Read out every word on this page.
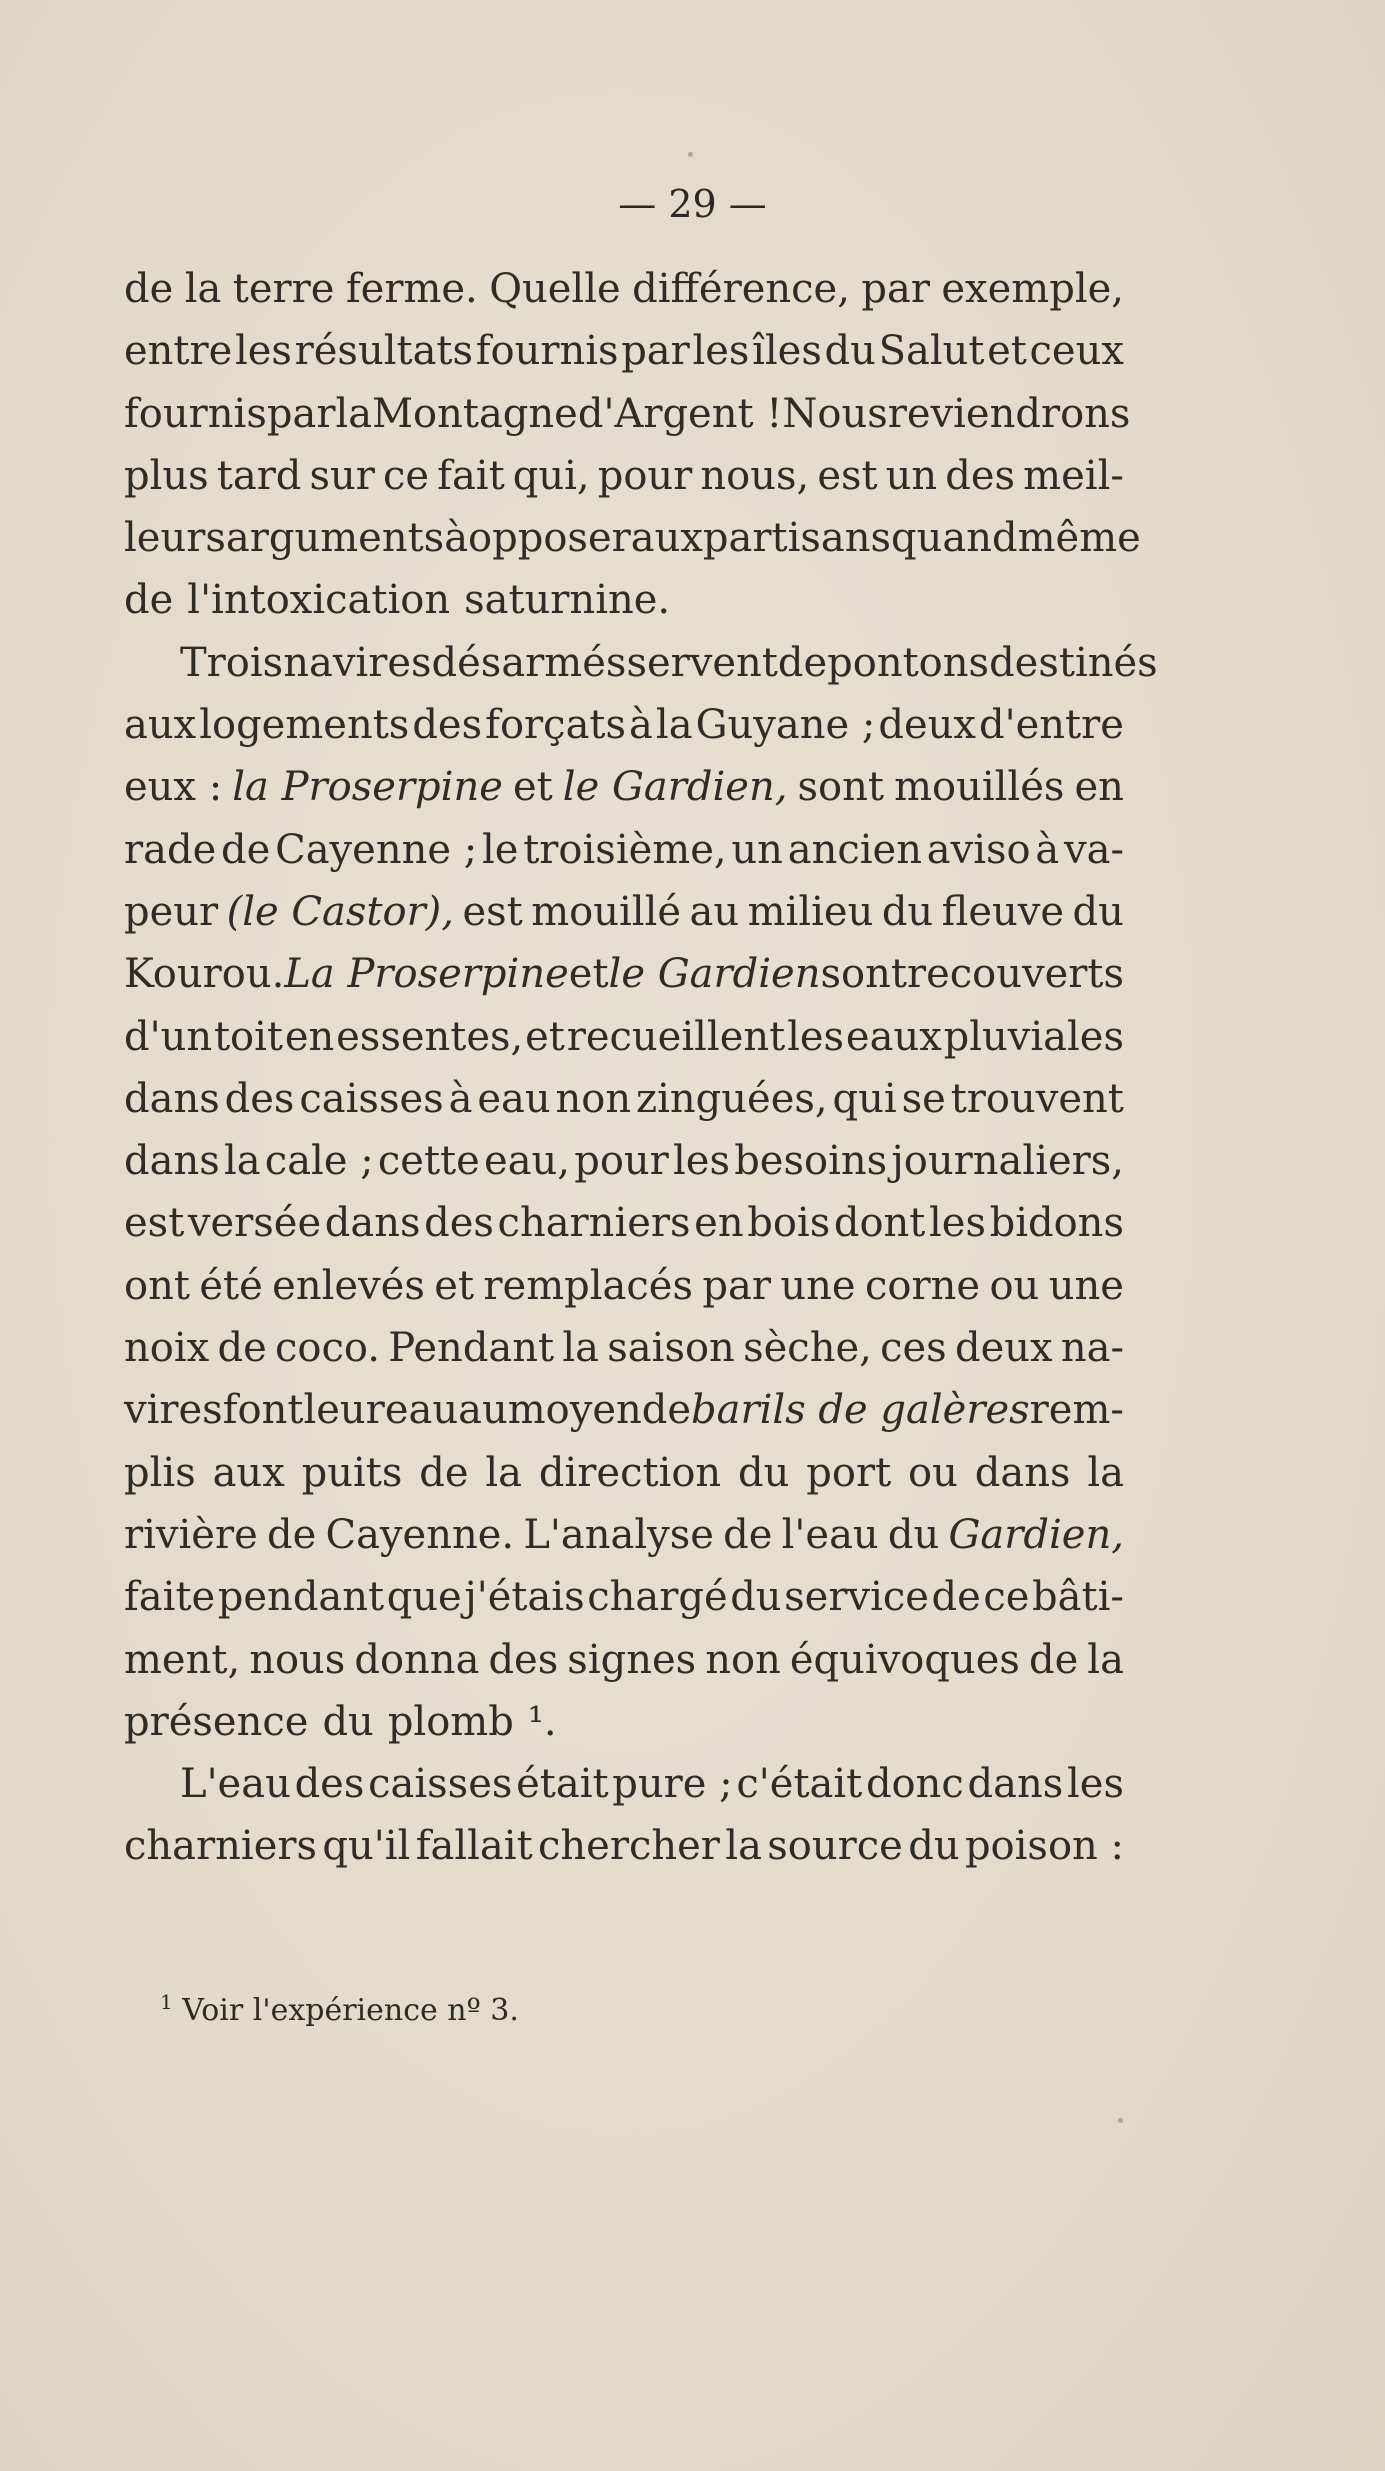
— 29 —
de la terre ferme. Quelle différence, par exemple,
entre les résultats fournis par les îles du Salut et ceux
fournis par la Montagne d'Argent ! Nous reviendrons
plus tard sur ce fait qui, pour nous, est un des meil-
leurs arguments à opposer aux partisans quand même
de l'intoxication saturnine.
Trois navires désarmés servent de pontons destinés
aux logements des forçats à la Guyane ; deux d'entre
eux : la Proserpine et le Gardien, sont mouillés en
rade de Cayenne ; le troisième, un ancien aviso à va-
peur (le Castor), est mouillé au milieu du fleuve du
Kourou. La Proserpine et le Gardien sont recouverts
d'un toit en essentes, et recueillent les eaux pluviales
dans des caisses à eau non zinguées, qui se trouvent
dans la cale ; cette eau, pour les besoins journaliers,
est versée dans des charniers en bois dont les bidons
ont été enlevés et remplacés par une corne ou une
noix de coco. Pendant la saison sèche, ces deux na-
vires font leur eau au moyen de barils de galères rem-
plis aux puits de la direction du port ou dans la
rivière de Cayenne. L'analyse de l'eau du Gardien,
faite pendant que j'étais chargé du service de ce bâti-
ment, nous donna des signes non équivoques de la
présence du plomb ¹.
L'eau des caisses était pure ; c'était donc dans les
charniers qu'il fallait chercher la source du poison :
$^1$ Voir l'expérience nº 3.
